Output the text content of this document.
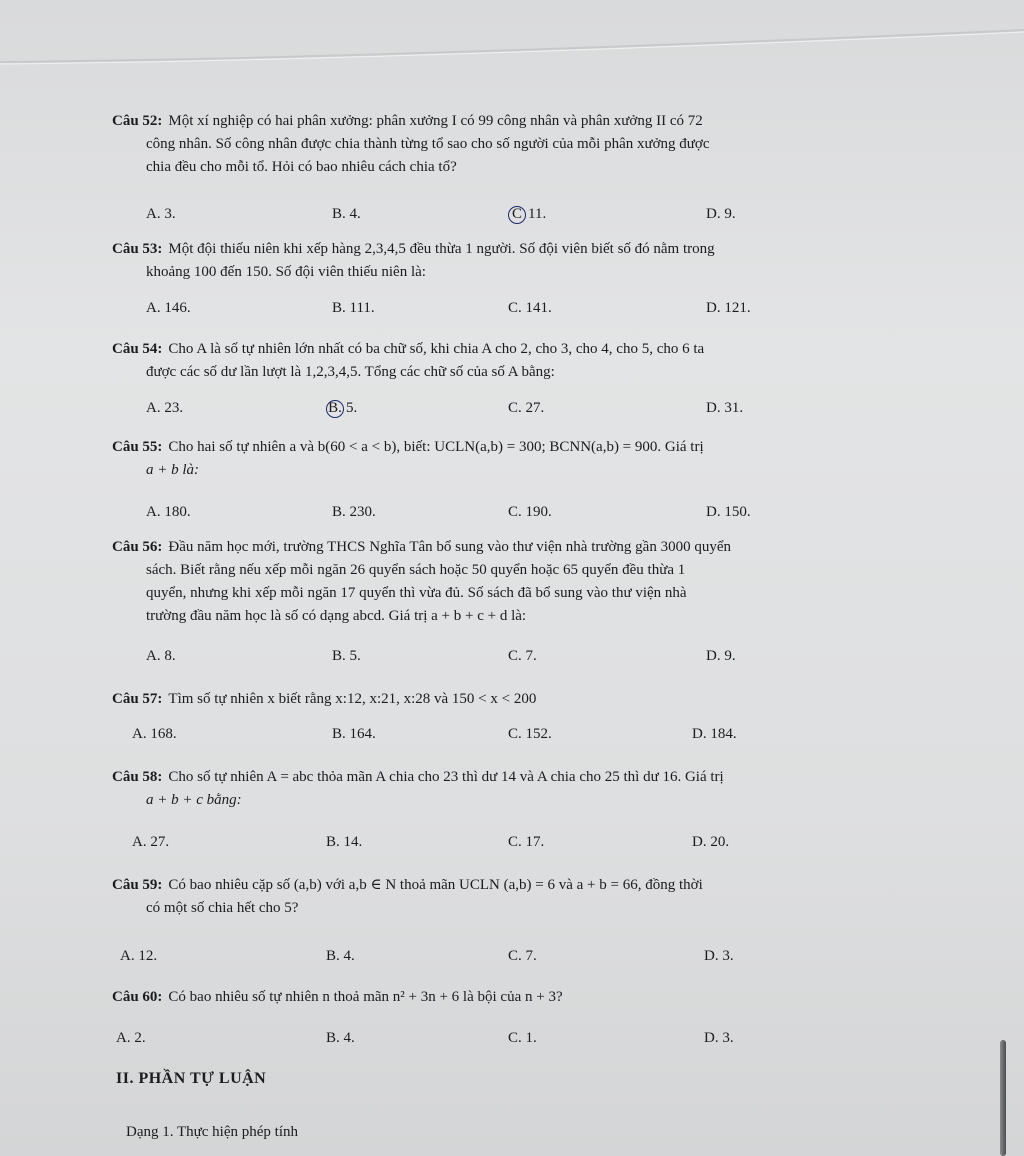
Câu 52: Một xí nghiệp có hai phân xưởng: phân xưởng I có 99 công nhân và phân xưởng II có 72
công nhân. Số công nhân được chia thành từng tổ sao cho số người của mỗi phân xưởng được
chia đều cho mỗi tổ. Hỏi có bao nhiêu cách chia tổ?
A. 3.	B. 4.	C 11.	D. 9.
Câu 53: Một đội thiếu niên khi xếp hàng 2,3,4,5 đều thừa 1 người. Số đội viên biết số đó nằm trong
khoảng 100 đến 150. Số đội viên thiếu niên là:
A. 146.	B. 111.	C. 141.	D. 121.
Câu 54: Cho A là số tự nhiên lớn nhất có ba chữ số, khi chia A cho 2, cho 3, cho 4, cho 5, cho 6 ta
được các số dư lần lượt là 1,2,3,4,5. Tổng các chữ số của số A bằng:
A. 23.	B. 5.	C. 27.	D. 31.
Câu 55: Cho hai số tự nhiên a và b(60 < a < b), biết: UCLN(a,b) = 300; BCNN(a,b) = 900. Giá trị
a + b là:
A. 180.	B. 230.	C. 190.	D. 150.
Câu 56: Đầu năm học mới, trường THCS Nghĩa Tân bổ sung vào thư viện nhà trường gần 3000 quyển
sách. Biết rằng nếu xếp mỗi ngăn 26 quyển sách hoặc 50 quyển hoặc 65 quyển đều thừa 1
quyển, nhưng khi xếp mỗi ngăn 17 quyển thì vừa đủ. Số sách đã bổ sung vào thư viện nhà
trường đầu năm học là số có dạng abcd. Giá trị a + b + c + d là:
A. 8.	B. 5.	C. 7.	D. 9.
Câu 57: Tìm số tự nhiên x biết rằng x:12, x:21, x:28 và 150 < x < 200
A. 168.	B. 164.	C. 152.	D. 184.
Câu 58: Cho số tự nhiên A = abc thỏa mãn A chia cho 23 thì dư 14 và A chia cho 25 thì dư 16. Giá trị
a + b + c bằng:
A. 27.	B. 14.	C. 17.	D. 20.
Câu 59: Có bao nhiêu cặp số (a,b) với a,b ∈ N thoả mãn UCLN (a,b) = 6 và a + b = 66, đồng thời
có một số chia hết cho 5?
A. 12.	B. 4.	C. 7.	D. 3.
Câu 60: Có bao nhiêu số tự nhiên n thoả mãn n² + 3n + 6 là bội của n + 3?
A. 2.	B. 4.	C. 1.	D. 3.
II. PHẦN TỰ LUẬN
Dạng 1. Thực hiện phép tính
